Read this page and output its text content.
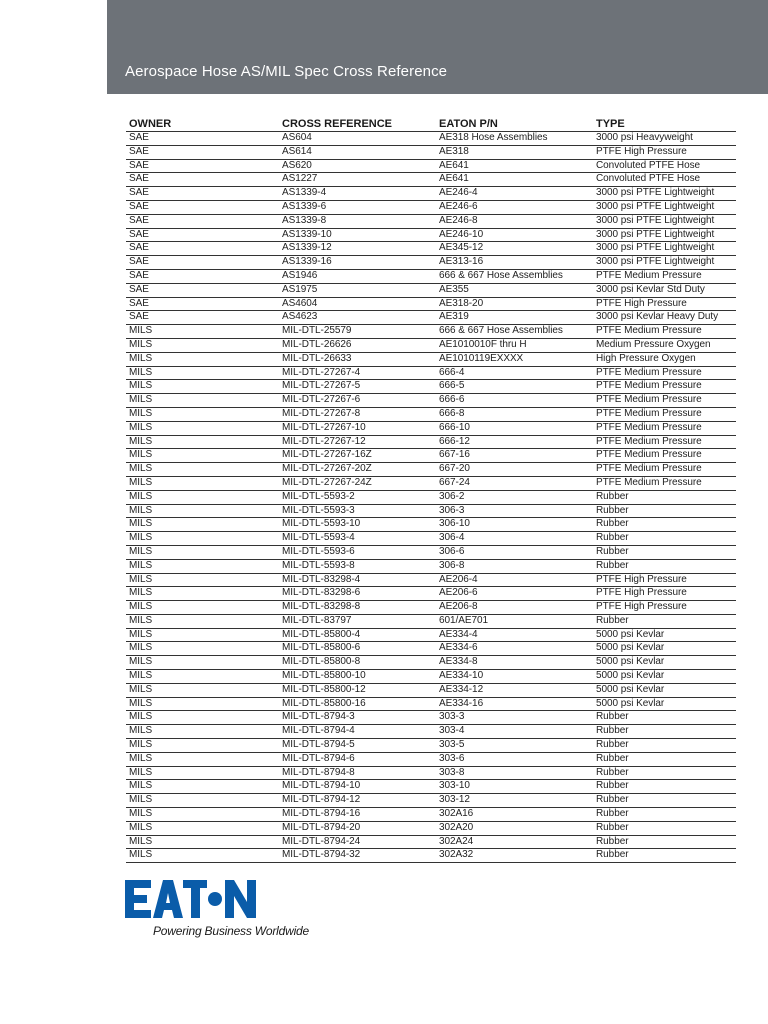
Aerospace Hose AS/MIL Spec Cross Reference
OWNER	CROSS REFERENCE	EATON P/N	TYPE
SAE	AS604	AE318 Hose Assemblies	3000 psi Heavyweight
SAE	AS614	AE318	PTFE High Pressure
SAE	AS620	AE641	Convoluted PTFE Hose
SAE	AS1227	AE641	Convoluted PTFE Hose
SAE	AS1339-4	AE246-4	3000 psi PTFE Lightweight
SAE	AS1339-6	AE246-6	3000 psi PTFE Lightweight
SAE	AS1339-8	AE246-8	3000 psi PTFE Lightweight
SAE	AS1339-10	AE246-10	3000 psi PTFE Lightweight
SAE	AS1339-12	AE345-12	3000 psi PTFE Lightweight
SAE	AS1339-16	AE313-16	3000 psi PTFE Lightweight
SAE	AS1946	666 & 667 Hose Assemblies	PTFE Medium Pressure
SAE	AS1975	AE355	3000 psi Kevlar Std Duty
SAE	AS4604	AE318-20	PTFE High Pressure
SAE	AS4623	AE319	3000 psi Kevlar Heavy Duty
MILS	MIL-DTL-25579	666 & 667 Hose Assemblies	PTFE Medium Pressure
MILS	MIL-DTL-26626	AE1010010F thru H	Medium Pressure Oxygen
MILS	MIL-DTL-26633	AE1010119EXXXX	High Pressure Oxygen
MILS	MIL-DTL-27267-4	666-4	PTFE Medium Pressure
MILS	MIL-DTL-27267-5	666-5	PTFE Medium Pressure
MILS	MIL-DTL-27267-6	666-6	PTFE Medium Pressure
MILS	MIL-DTL-27267-8	666-8	PTFE Medium Pressure
MILS	MIL-DTL-27267-10	666-10	PTFE Medium Pressure
MILS	MIL-DTL-27267-12	666-12	PTFE Medium Pressure
MILS	MIL-DTL-27267-16Z	667-16	PTFE Medium Pressure
MILS	MIL-DTL-27267-20Z	667-20	PTFE Medium Pressure
MILS	MIL-DTL-27267-24Z	667-24	PTFE Medium Pressure
MILS	MIL-DTL-5593-2	306-2	Rubber
MILS	MIL-DTL-5593-3	306-3	Rubber
MILS	MIL-DTL-5593-10	306-10	Rubber
MILS	MIL-DTL-5593-4	306-4	Rubber
MILS	MIL-DTL-5593-6	306-6	Rubber
MILS	MIL-DTL-5593-8	306-8	Rubber
MILS	MIL-DTL-83298-4	AE206-4	PTFE High Pressure
MILS	MIL-DTL-83298-6	AE206-6	PTFE High Pressure
MILS	MIL-DTL-83298-8	AE206-8	PTFE High Pressure
MILS	MIL-DTL-83797	601/AE701	Rubber
MILS	MIL-DTL-85800-4	AE334-4	5000 psi Kevlar
MILS	MIL-DTL-85800-6	AE334-6	5000 psi Kevlar
MILS	MIL-DTL-85800-8	AE334-8	5000 psi Kevlar
MILS	MIL-DTL-85800-10	AE334-10	5000 psi Kevlar
MILS	MIL-DTL-85800-12	AE334-12	5000 psi Kevlar
MILS	MIL-DTL-85800-16	AE334-16	5000 psi Kevlar
MILS	MIL-DTL-8794-3	303-3	Rubber
MILS	MIL-DTL-8794-4	303-4	Rubber
MILS	MIL-DTL-8794-5	303-5	Rubber
MILS	MIL-DTL-8794-6	303-6	Rubber
MILS	MIL-DTL-8794-8	303-8	Rubber
MILS	MIL-DTL-8794-10	303-10	Rubber
MILS	MIL-DTL-8794-12	303-12	Rubber
MILS	MIL-DTL-8794-16	302A16	Rubber
MILS	MIL-DTL-8794-20	302A20	Rubber
MILS	MIL-DTL-8794-24	302A24	Rubber
MILS	MIL-DTL-8794-32	302A32	Rubber
Powering Business Worldwide
